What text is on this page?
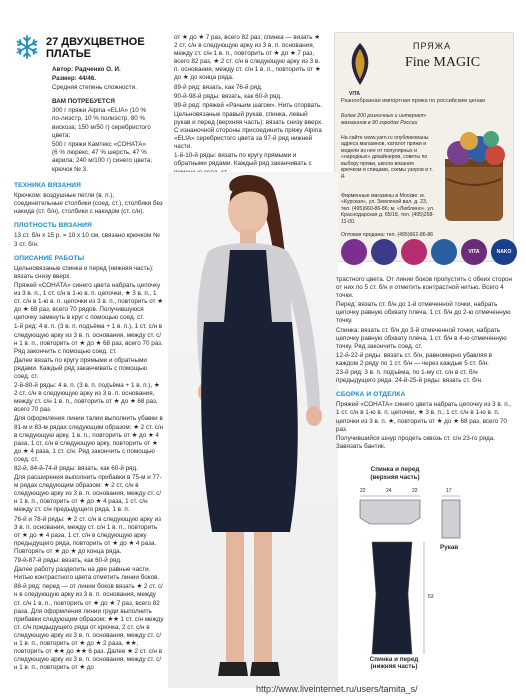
27 ДВУХЦВЕТНОЕ
ПЛАТЬЕ

Автор: Радченко О. И.

Размер: 44/46.

Средняя степень сложности.

ВАМ ПОТРЕБУЕТСЯ

300 г пряжи Alpina «ELIA» (10 % по-лиэстр, 10 % полиэстр, 80 % вискоза; 150 м/50 г) серебристого цвета;

500 г пряжи Камтекс «СОНАТА» (6 % люрекс, 47 % шерсть, 47 % акрила; 240 м/100 г) синего цвета;

крючок № 3.

ТЕХНИКА ВЯЗАНИЯ

Крючком: воздушные петли (в. п.), соединительные столбики (соед. ст.), столбики без накида (ст. б/н), столбики с накидом (ст. с/н).

ПЛОТНОСТЬ ВЯЗАНИЯ

13 ст. б/н х 15 р. = 10 х 10 см, связано крючком № 3 ст. б/н.

ОПИСАНИЕ РАБОТЫ

Цельновязаные спинка и перед (нижняя часть): вязать снизу вверх.

Пряжей «СОНАТА» синего цвета набрать цепочку из 3 в. п., 1 ст. с/н в 1-ю в. п. цепочки, ★ 3 в. п., 1 ст. с/н в 1-ю в. п. цепочки из 3 в. п., повторить от ★ до ★ 68 раз, всего 70 рядов. Получившуюся цепочку замкнуть в круг с помощью соед. ст.

1-й ряд: 4 в. п. (3 в. п. подъёма + 1 в. п.), 1 ст. с/н в следующую арку из 3 в. п. основания, между ст. с/н 1 в. п., повторить от ★ до ★ 68 раз, всего 70 раз. Ряд закончить с помощью соед. ст.

Далее вязать по кругу прямыми и обратными рядами. Каждый ряд заканчивать с помощью соед. ст.

2-й-80-й ряды: 4 в. п. (3 в. п. подъёма + 1 в. п.), ★ 2 ст. с/н в следующую арку из 3 в. п. основания, между ст. с/н 1 в. п., повторить от ★ до ★ 68 раз, всего 70 раз.

Для оформления линии талии выполнить убавки в 81-м и 83-м рядах следующим образом: ★ 2 ст. с/н в следующую арку, 1 в. п., повторить от ★ до ★ 4 раза, 1 ст. с/н в следующую арку, повторить от ★ до ★ 4 раза, 1 ст. с/н. Ряд закончить с помощью соед. ст.

82-й, 84-й-74-й ряды: вязать, как 60-й ряд.

Для расширения выполнить прибавки в 75-м и 77-м рядах следующим образом: ★ 2 ст. с/н в следующую арку из 3 в. п. основания, между ст. с/н 1 в. п., повторить от ★ до ★ 4 раза, 1 ст. с/н между ст. с/н предыдущего ряда, 1 в. п.

76-й и 78-й ряды: ★ 2 ст. с/н в следующую арку из 3 в. п. основания, между ст. с/н 1 в. п., повторить от ★ до ★ 4 раза, 1 ст. с/н в следующую арку предыдущего ряда, повторить от ★ до ★ 4 раза. Повторять от ★ до ★ до конца ряда.

79-й-87-й ряды: вязать, как 60-й ряд.

Далее работу разделить на две равные части. Нитью контрастного цвета отметить линии боков.

88-й ряд: перед — от линии боков вязать ★ 2 ст. с/н в следующую арку из 3 в. п. основания, между ст. с/н 1 в. п., повторить от ★ до ★ 7 раз, всего 82 раза. Для оформления линии груди выполнить прибавки следующим образом: ★★ 1 ст. с/н между ст. с/н предыдущего ряда от крючка, 2 ст. с/н в следующую арку из 3 в. п. основания, между ст. с/н 1 в. п., повторить от ★ до ★ 2 раза, ★★, повторить от ★★ до ★★ 6 раз. Далее ★ 2 ст. с/н в следующую арку из 3 в. п. основания, между ст. с/н 1 в. п., повторить от ★ до

от ★ до ★ 7 раз, всего 82 раз; спинка — вязать ★ 2 ст. с/н в следующую арку из 3 в. п. основания, между ст. с/н 1 в. п., повторить от ★ до ★ 7 раз, всего 82 раз, ★ 2 ст. с/н в следующую арку из 3 в. п. основания, между ст. с/н 1 в. п., повторить от ★ до ★ до конца ряда.

89-й ряд: вязать, как 76-й ряд.

90-й-98-й ряды: вязать, как 60-й ряд.

99-й ряд: пряжей «Рачьим шагом». Нить оторвать.

Цельновязаные правый рукав, спинка, левый рукав и перед (верхняя часть): вязать снизу вверх. С изнаночной стороны присоединить пряжу Alpina «ELIA» серебристого цвета за 97-й ряд нижней части.

1-й-10-й ряды: вязать по кругу прямыми и обратными рядами. Каждый ряд заканчивать с

VITA
ПРЯЖА
Fine MAGIC
Разнообразная импортная пряжа по российским ценам
Более 200 розничных и интернет-магазинов в 90 городах России
На сайте www.yarn.ru опубликованы адреса магазинов, каталог пряжи и модели из нее от популярных и «народных» дизайнеров, советы по выбору пряжи, школа вязания крючком и спицами, схемы узоров и т. д.
Фирменные магазины в Москве: м. «Курская», ул. Земляной вал, д. 23, тел. (495)660-86-86; м. «Люблино», ул. Краснодарская д. 65/18, тел. (495)258-11-00.
Оптовая продажа: тел. (495)662-86-86
VITA	NAKO

трастного цвета. От линии боков пропустить с обеих сторон от них по 5 ст. б/н и отметить контрастной нитью. Всего 4 точки.

Перед: вязать ст. б/н до 1-й отмеченной точки, набрать цепочку равную обхвату плеча, 1 ст. б/н до 2-ю отмеченную точку.

Спинка: вязать ст. б/н до 3-й отмеченной точки, набрать цепочку равную обхвату плеча, 1 ст. б/н в 4-ю отмеченную точку. Ряд закончить соед. ст.

12-й-22-й ряды: вязать ст. б/н, равномерно убавляя в каждом 2 ряду по 1 ст. б/н — через каждые 5 ст. б/н.

23-й ряд: 3 в. п. подъёма, по 1-му ст. с/н в ст. б/н предыдущего ряда. 24-й-25-й ряды: вязать ст. б/н.

СБОРКА И ОТДЕЛКА

Пряжей «СОНАТА» синего цвета набрать цепочку из 3 в. п., 1 ст. с/н в 1-ю в. п. цепочки, ★ 3 в. п., 1 ст. с/н в 1-ю в. п. цепочки из 3 в. п. ★, повторить от ★ до ★ 68 раз, всего 70 раз.

Получившийся шнур продеть сквозь ст. с/н 23-го ряда. Завязать бантик.

Спинка и перед
(верхняя часть)
22	24	22	17
53
Рукав
Спинка и перед
(нижняя часть)
http://www.liveinternet.ru/users/tamita_s/
